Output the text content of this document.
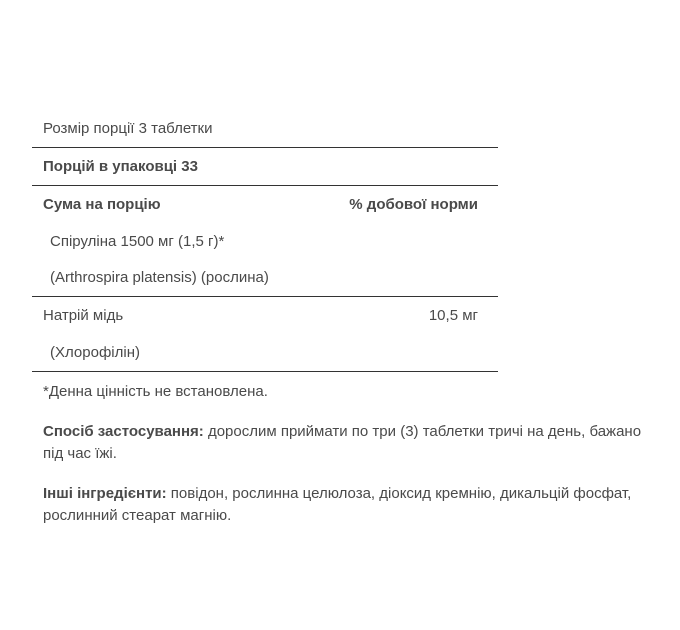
Розмір порції 3 таблетки
Порцій в упаковці 33
Сума на порцію	% добової норми
Спіруліна 1500 мг (1,5 г)*
(Arthrospira platensis) (рослина)
Натрій мідь	10,5 мг
(Хлорофілін)
*Денна цінність не встановлена.
Спосіб застосування: дорослим приймати по три (3) таблетки тричі на день, бажано під час їжі.
Інші інгредієнти: повідон, рослинна целюлоза, діоксид кремнію, дикальцій фосфат, рослинний стеарат магнію.
